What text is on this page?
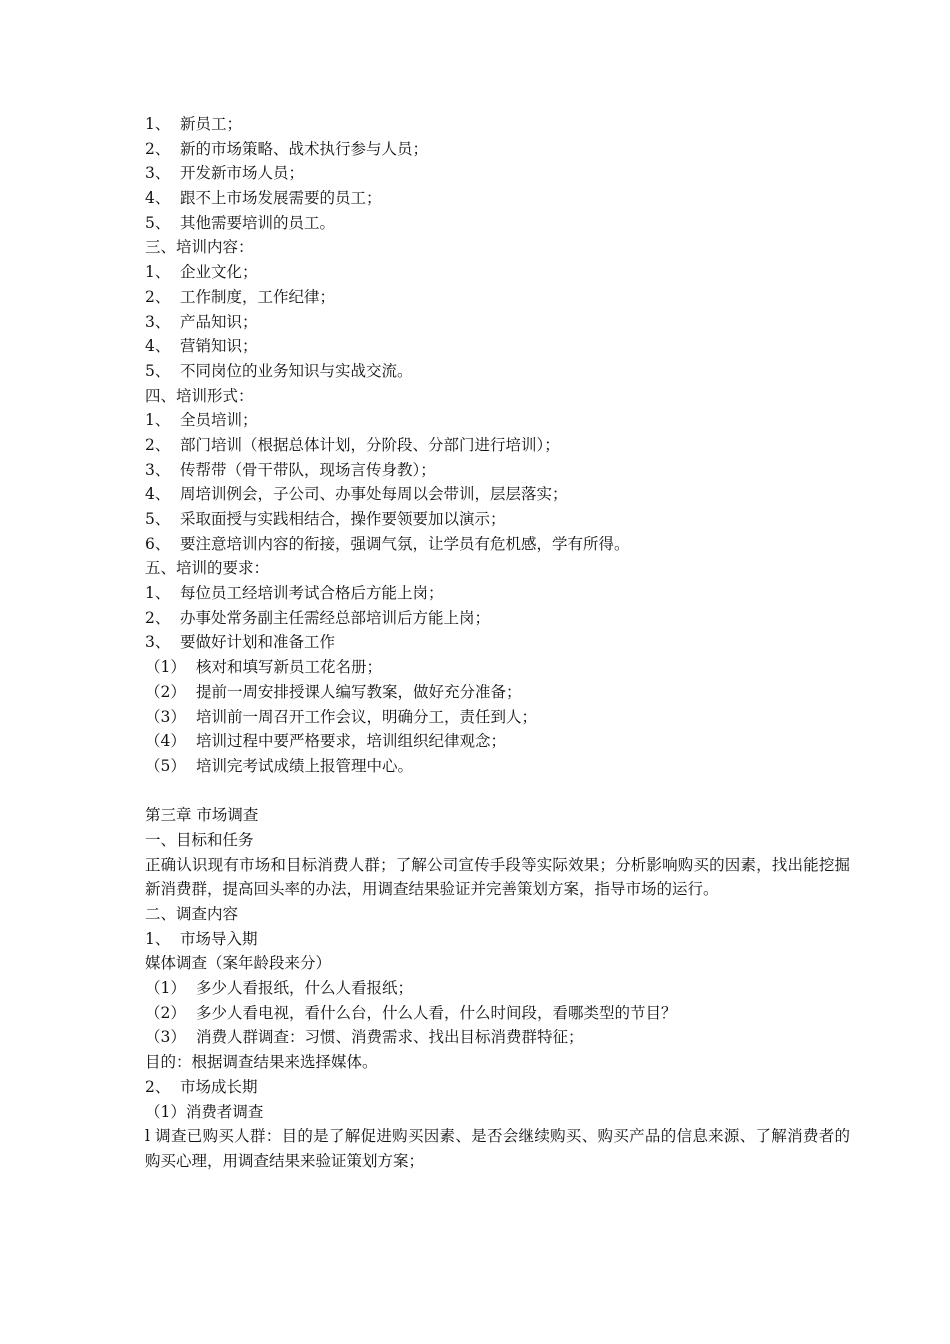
1、 新员工；
2、 新的市场策略、战术执行参与人员；
3、 开发新市场人员；
4、 跟不上市场发展需要的员工；
5、 其他需要培训的员工。
三、培训内容：
1、 企业文化；
2、 工作制度，工作纪律；
3、 产品知识；
4、 营销知识；
5、 不同岗位的业务知识与实战交流。
四、培训形式：
1、 全员培训；
2、 部门培训（根据总体计划，分阶段、分部门进行培训）；
3、 传帮带（骨干带队，现场言传身教）；
4、 周培训例会，子公司、办事处每周以会带训，层层落实；
5、 采取面授与实践相结合，操作要领要加以演示；
6、 要注意培训内容的衔接，强调气氛，让学员有危机感，学有所得。
五、培训的要求：
1、 每位员工经培训考试合格后方能上岗；
2、 办事处常务副主任需经总部培训后方能上岗；
3、 要做好计划和准备工作
（1） 核对和填写新员工花名册；
（2） 提前一周安排授课人编写教案，做好充分准备；
（3） 培训前一周召开工作会议，明确分工，责任到人；
（4） 培训过程中要严格要求，培训组织纪律观念；
（5） 培训完考试成绩上报管理中心。
第三章 市场调查
一、目标和任务
正确认识现有市场和目标消费人群；了解公司宣传手段等实际效果；分析影响购买的因素，找出能挖掘新消费群，提高回头率的办法，用调查结果验证并完善策划方案，指导市场的运行。
二、调查内容
1、 市场导入期
媒体调查（案年龄段来分）
（1） 多少人看报纸，什么人看报纸；
（2） 多少人看电视，看什么台，什么人看，什么时间段，看哪类型的节目？
（3） 消费人群调查：习惯、消费需求、找出目标消费群特征；
目的：根据调查结果来选择媒体。
2、 市场成长期
（1）消费者调查
l 调查已购买人群：目的是了解促进购买因素、是否会继续购买、购买产品的信息来源、了解消费者的购买心理，用调查结果来验证策划方案；
